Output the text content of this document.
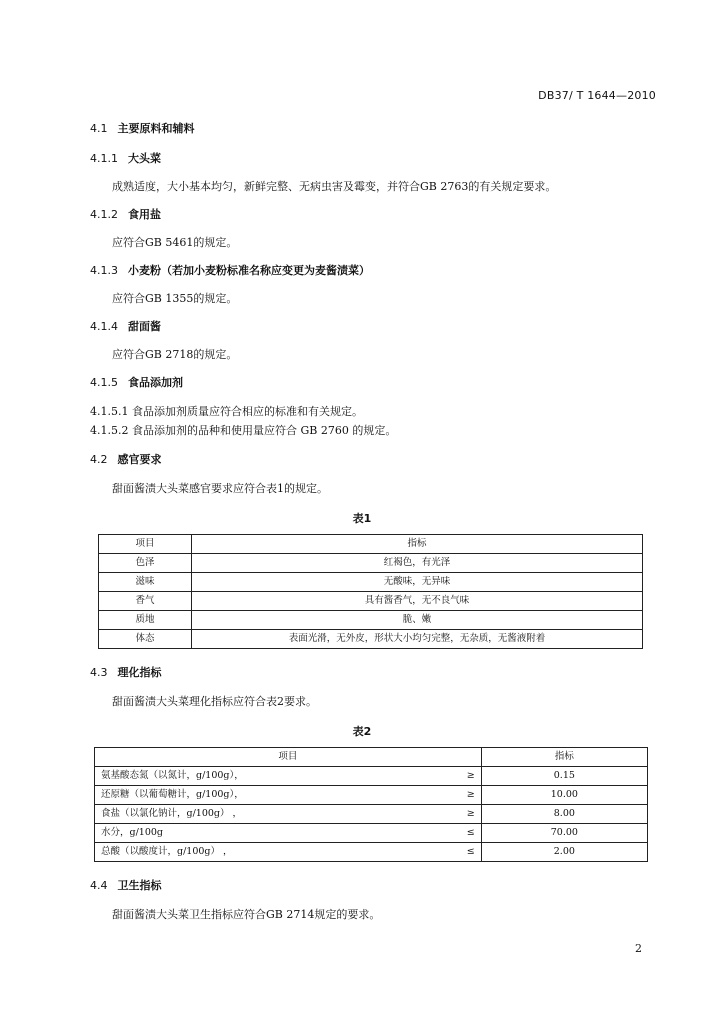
DB37/ T 1644—2010
4.1 主要原料和辅料
4.1.1 大头菜
成熟适度，大小基本均匀，新鲜完整、无病虫害及霉变，并符合GB 2763的有关规定要求。
4.1.2 食用盐
应符合GB 5461的规定。
4.1.3 小麦粉（若加小麦粉标准名称应变更为麦酱渍菜）
应符合GB 1355的规定。
4.1.4 甜面酱
应符合GB 2718的规定。
4.1.5 食品添加剂
4.1.5.1 食品添加剂质量应符合相应的标准和有关规定。
4.1.5.2 食品添加剂的品种和使用量应符合 GB 2760 的规定。
4.2 感官要求
甜面酱渍大头菜感官要求应符合表1的规定。
表1
项目	指标
色泽	红褐色，有光泽
滋味	无酸味，无异味
香气	具有酱香气，无不良气味
质地	脆、嫩
体态	表面光滑，无外皮，形状大小均匀完整，无杂质，无酱液附着
4.3 理化指标
甜面酱渍大头菜理化指标应符合表2要求。
表2
项目		指标
氨基酸态氮（以氮计，g/100g），	≥	0.15
还原糖（以葡萄糖计，g/100g），	≥	10.00
食盐（以氯化钠计，g/100g） ，	≥	8.00
水分，g/100g	≤	70.00
总酸（以酸度计，g/100g） ，	≤	2.00
4.4 卫生指标
甜面酱渍大头菜卫生指标应符合GB 2714规定的要求。
2
